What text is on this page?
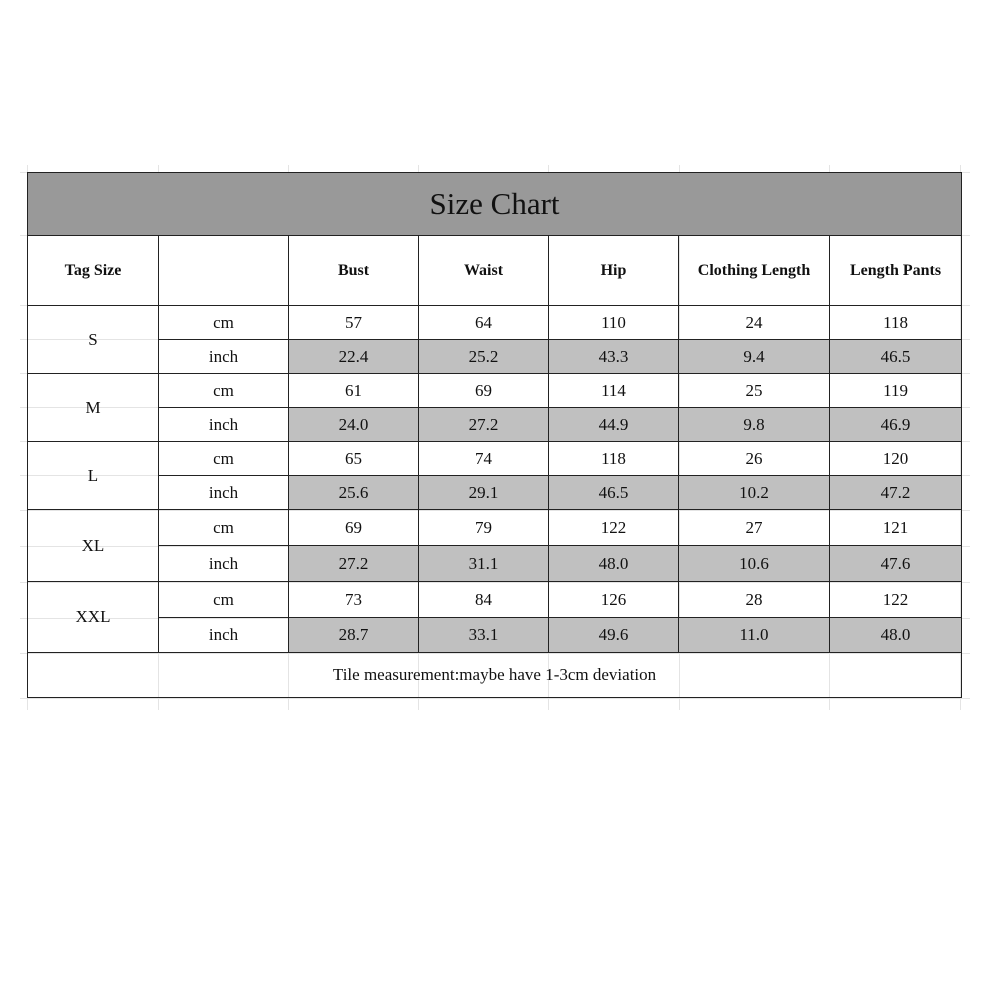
Size Chart						
Tag Size		Bust	Waist	Hip	Clothing Length	Length Pants
S	cm	57	64	110	24	118
	inch	22.4	25.2	43.3	9.4	46.5
M	cm	61	69	114	25	119
	inch	24.0	27.2	44.9	9.8	46.9
L	cm	65	74	118	26	120
	inch	25.6	29.1	46.5	10.2	47.2
XL	cm	69	79	122	27	121
	inch	27.2	31.1	48.0	10.6	47.6
XXL	cm	73	84	126	28	122
	inch	28.7	33.1	49.6	11.0	48.0
Tile measurement:maybe have 1-3cm deviation						
